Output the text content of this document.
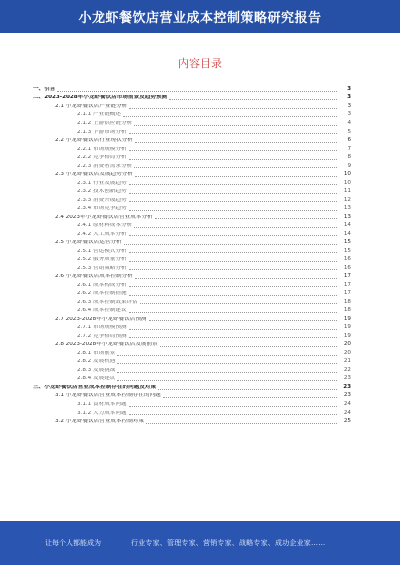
小龙虾餐饮店营业成本控制策略研究报告
内容目录
一、引言	3
二、2023-2028年小龙虾餐饮店市场前景及趋势预测	3
2.1 小龙虾餐饮店产业链分析	3
2.1.1 产业链概述	3
2.1.2 上游供应链分析	4
2.1.3 下游市场分析	5
2.2 小龙虾餐饮店行业现状分析	6
2.2.1 市场规模分析	7
2.2.2 竞争格局分析	8
2.2.3 消费者需求分析	9
2.3 小龙虾餐饮店发展趋势分析	10
2.3.1 行业发展趋势	10
2.3.2 技术创新趋势	11
2.3.3 消费升级趋势	12
2.3.4 市场竞争趋势	13
2.4 2023年小龙虾餐饮店营业成本分析	13
2.4.1 原材料成本分析	14
2.4.2 人工成本分析	14
2.5 小龙虾餐饮店运营分析	15
2.5.1 营运模式分析	15
2.5.2 服务质量分析	16
2.5.3 营销策略分析	16
2.6 小龙虾餐饮店成本控制分析	17
2.6.1 成本构成分析	17
2.6.2 成本控制措施	17
2.6.3 成本控制效果评估	18
2.6.4 成本控制建议	18
2.7 2023-2028年小龙虾餐饮店预测	19
2.7.1 市场规模预测	19
2.7.2 竞争格局预测	19
2.8 2023-2028年小龙虾餐饮店发展前景	20
2.8.1 市场前景	20
2.8.2 发展机遇	21
2.8.3 发展挑战	22
2.8.4 发展建议	23
三、小龙虾餐饮店营业成本控制存在的问题及对策	23
3.1 小龙虾餐饮店营业成本控制存在的问题	23
3.1.1 食材成本问题	24
3.1.2 人力成本问题	24
3.2 小龙虾餐饮店营业成本控制对策	25
让每个人都能成为	行业专家、管理专家、营销专家、战略专家、成功企业家……
